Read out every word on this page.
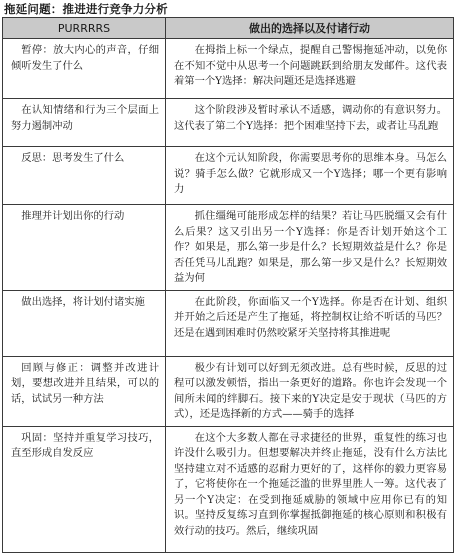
拖延问题：推进进行竞争力分析
PURRRRS	做出的选择以及付诸行动
暂停：放大内心的声音，仔细倾听发生了什么	在拇指上标一个绿点，提醒自己警惕拖延冲动，以免你在不知不觉中从思考一个问题跳跃到给朋友发邮件。这代表着第一个Y选择：解决问题还是选择逃避
在认知情绪和行为三个层面上努力遏制冲动	这个阶段涉及暂时承认不适感，调动你的有意识努力。这代表了第二个Y选择：把个困难坚持下去，或者让马乱跑
反思：思考发生了什么	在这个元认知阶段，你需要思考你的思维本身。马怎么说？骑手怎么做？它就形成又一个Y选择；哪一个更有影响力
推理并计划出你的行动	抓住缰绳可能形成怎样的结果？若让马匹脱缰又会有什么后果？这又引出另一个Y选择：你是否计划开始这个工作？如果是，那么第一步是什么？长短期效益是什么？你是否任凭马儿乱跑？如果是，那么第一步又是什么？长短期效益为何
做出选择，将计划付诸实施	在此阶段，你面临又一个Y选择。你是否在计划、组织并开始之后还是产生了拖延，将控制权让给不听话的马匹？还是在遇到困难时仍然咬紧牙关坚持将其推进呢
回顾与修正：调整并改进计划，要想改进并且结果，可以的话，试试另一种方法	极少有计划可以好到无须改进。总有些时候，反思的过程可以激发顿悟，指出一条更好的道路。你也许会发现一个间所未闻的绊脚石。接下来的Y决定是安于现状（马匹的方式），还是选择新的方式——骑手的选择
巩固：坚持并重复学习技巧，直至形成自发反应	在这个大多数人都在寻求捷径的世界，重复性的练习也许没什么吸引力。但想要解决并终止拖延，没有什么方法比坚持建立对不适感的忍耐力更好的了，这样你的毅力更容易了，它将使你在一个拖延泛滥的世界里胜人一筹。这代表了另一个Y决定：在受到拖延威胁的领域中应用你已有的知识。坚持反复练习直到你掌握抵御拖延的核心原则和积极有效行动的技巧。然后，继续巩固
